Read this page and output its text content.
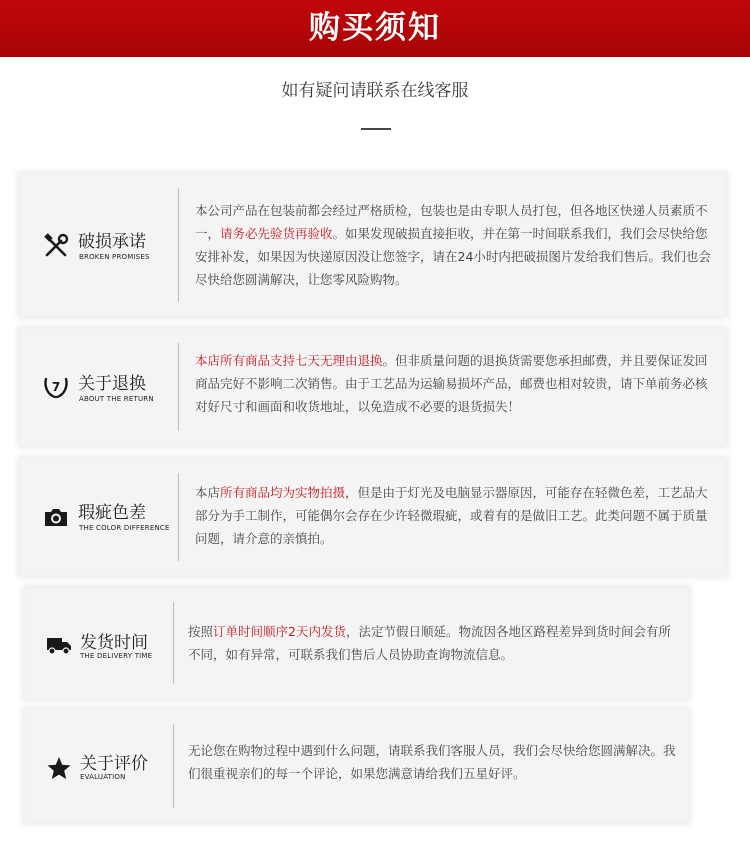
购买须知
如有疑问请联系在线客服
破损承诺
BROKEN PROMISES
本公司产品在包装前都会经过严格质检，包装也是由专职人员打包，但各地区快递人员素质不一，请务必先验货再验收。如果发现破损直接拒收，并在第一时间联系我们，我们会尽快给您安排补发，如果因为快递原因没让您签字，请在24小时内把破损图片发给我们售后。我们也会尽快给您圆满解决，让您零风险购物。
7 关于退换
ABOUT THE RETURN
本店所有商品支持七天无理由退换。但非质量问题的退换货需要您承担邮费，并且要保证发回商品完好不影响二次销售。由于工艺品为运输易损坏产品，邮费也相对较贵，请下单前务必核对好尺寸和画面和收货地址，以免造成不必要的退货损失！
瑕疵色差
THE COLOR DIFFERENCE
本店所有商品均为实物拍摄，但是由于灯光及电脑显示器原因，可能存在轻微色差，工艺品大部分为手工制作，可能偶尔会存在少许轻微瑕疵，或着有的是做旧工艺。此类问题不属于质量问题，请介意的亲慎拍。
发货时间
THE DELIVERY TIME
按照订单时间顺序2天内发货，法定节假日顺延。物流因各地区路程差异到货时间会有所不同，如有异常，可联系我们售后人员协助查询物流信息。
关于评价
EVALUATION
无论您在购物过程中遇到什么问题，请联系我们客服人员，我们会尽快给您圆满解决。我们很重视亲们的每一个评论，如果您满意请给我们五星好评。
